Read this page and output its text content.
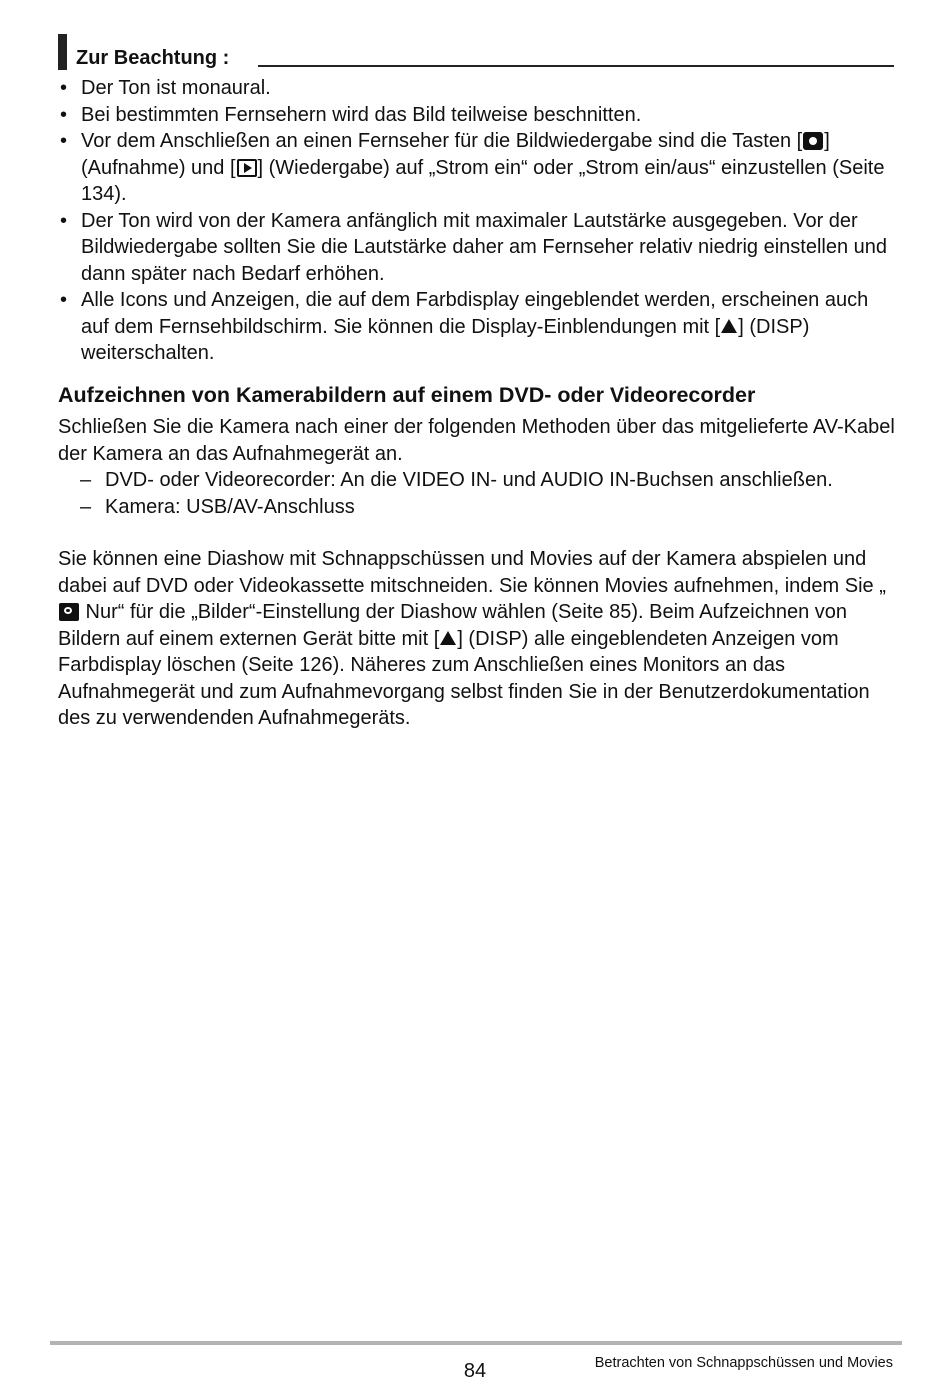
Zur Beachtung :
• Der Ton ist monaural.
• Bei bestimmten Fernsehern wird das Bild teilweise beschnitten.
• Vor dem Anschließen an einen Fernseher für die Bildwiedergabe sind die Tasten [ ] (Aufnahme) und [ ] (Wiedergabe) auf „Strom ein“ oder „Strom ein/aus“ einzustellen (Seite 134).
• Der Ton wird von der Kamera anfänglich mit maximaler Lautstärke ausgegeben. Vor der Bildwiedergabe sollten Sie die Lautstärke daher am Fernseher relativ niedrig einstellen und dann später nach Bedarf erhöhen.
• Alle Icons und Anzeigen, die auf dem Farbdisplay eingeblendet werden, erscheinen auch auf dem Fernsehbildschirm. Sie können die Display-Einblendungen mit [ ] (DISP) weiterschalten.
Aufzeichnen von Kamerabildern auf einem DVD- oder Videorecorder

Schließen Sie die Kamera nach einer der folgenden Methoden über das mitgelieferte AV-Kabel der Kamera an das Aufnahmegerät an.

– DVD- oder Videorecorder: An die VIDEO IN- und AUDIO IN-Buchsen anschließen.
– Kamera: USB/AV-Anschluss

Sie können eine Diashow mit Schnappschüssen und Movies auf der Kamera abspielen und dabei auf DVD oder Videokassette mitschneiden. Sie können Movies aufnehmen, indem Sie „ Nur“ für die „Bilder“-Einstellung der Diashow wählen (Seite 85). Beim Aufzeichnen von Bildern auf einem externen Gerät bitte mit [ ] (DISP) alle eingeblendeten Anzeigen vom Farbdisplay löschen (Seite 126). Näheres zum Anschließen eines Monitors an das Aufnahmegerät und zum Aufnahmevorgang selbst finden Sie in der Benutzerdokumentation des zu verwendenden Aufnahmegeräts.

84	Betrachten von Schnappschüssen und Movies
